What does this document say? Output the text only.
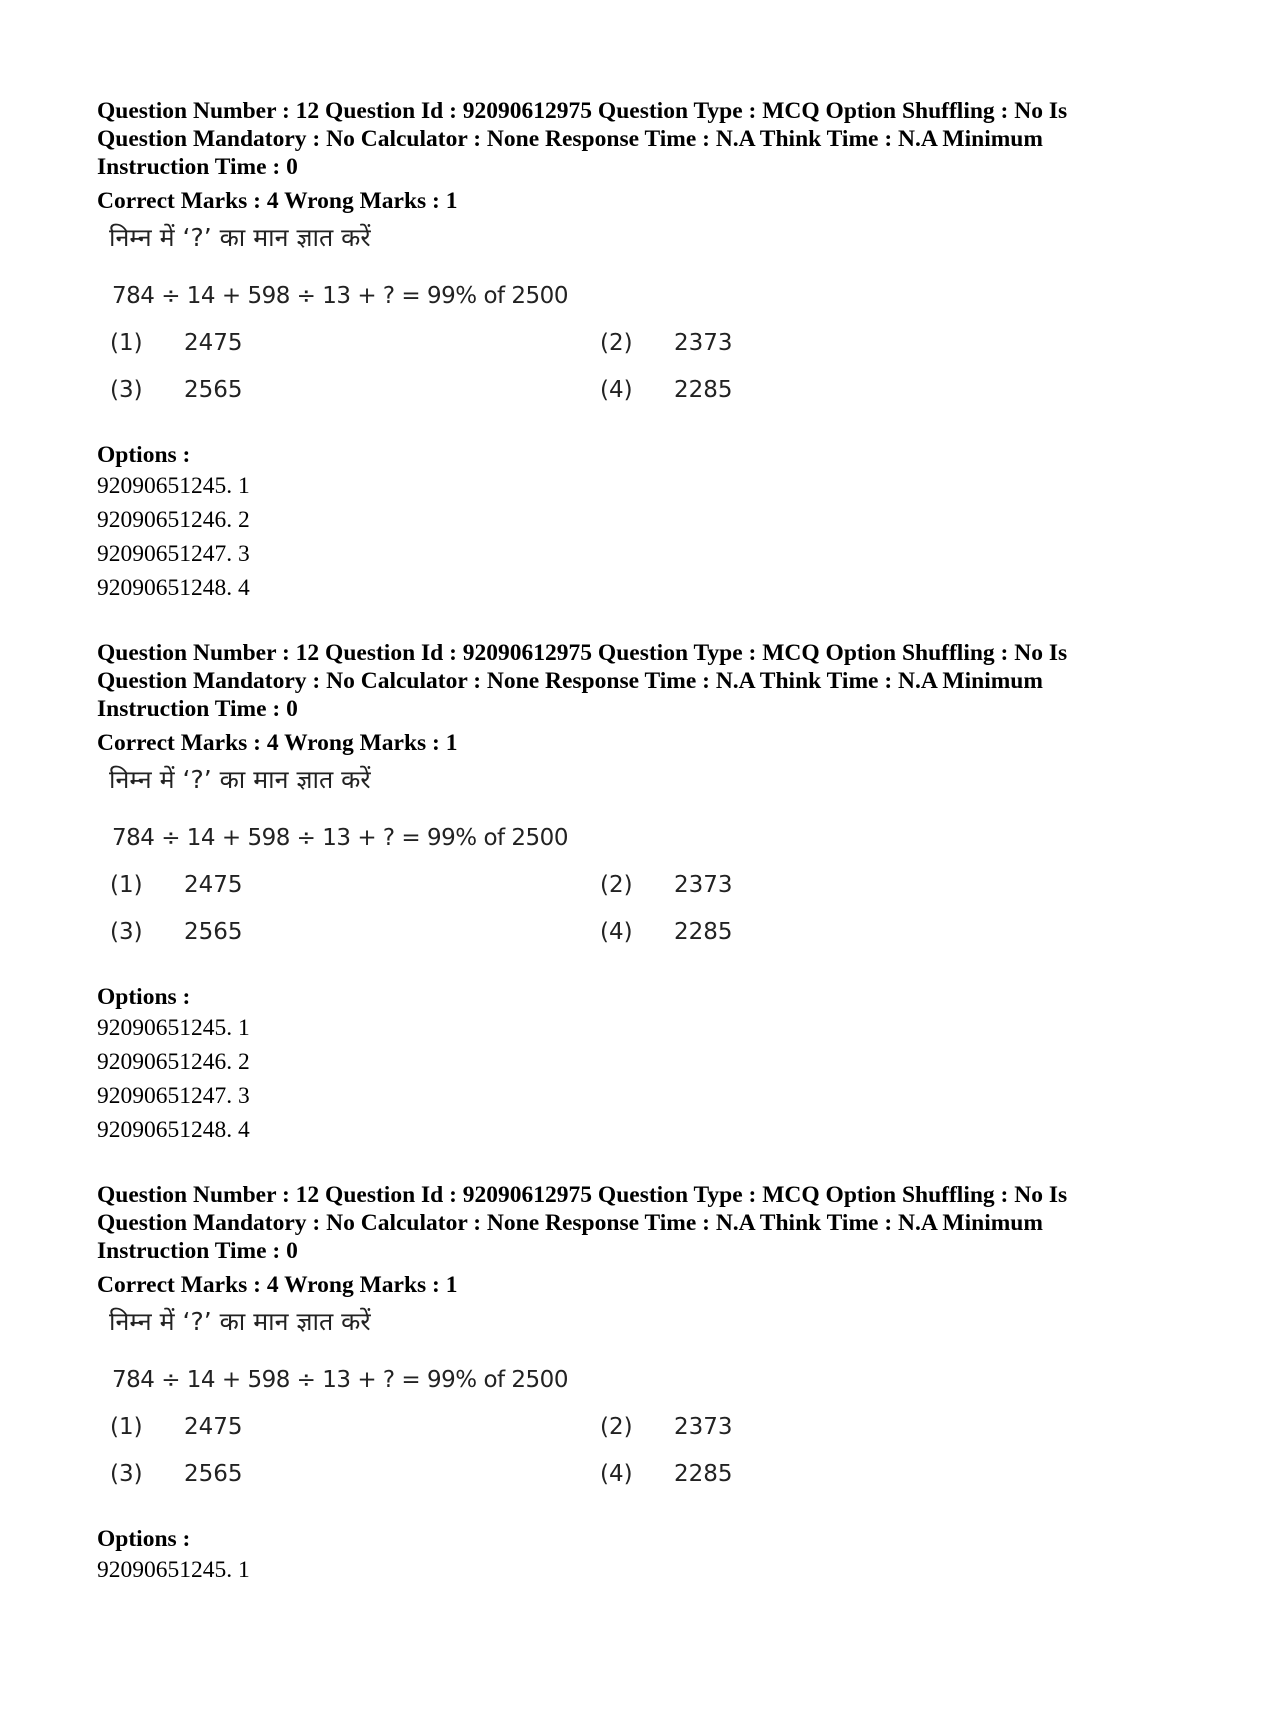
Question Number : 12 Question Id : 92090612975 Question Type : MCQ Option Shuffling : No Is Question Mandatory : No Calculator : None Response Time : N.A Think Time : N.A Minimum Instruction Time : 0

Correct Marks : 4 Wrong Marks : 1
निम्न में ‘?’ का मान ज्ञात करें
784 ÷ 14 + 598 ÷ 13 + ? = 99% of 2500
(1) 2475	(2) 2373
(3) 2565	(4) 2285
Options :
92090651245. 1
92090651246. 2
92090651247. 3
92090651248. 4

Question Number : 12 Question Id : 92090612975 Question Type : MCQ Option Shuffling : No Is Question Mandatory : No Calculator : None Response Time : N.A Think Time : N.A Minimum Instruction Time : 0

Correct Marks : 4 Wrong Marks : 1
निम्न में ‘?’ का मान ज्ञात करें
784 ÷ 14 + 598 ÷ 13 + ? = 99% of 2500
(1) 2475	(2) 2373
(3) 2565	(4) 2285
Options :
92090651245. 1
92090651246. 2
92090651247. 3
92090651248. 4

Question Number : 12 Question Id : 92090612975 Question Type : MCQ Option Shuffling : No Is Question Mandatory : No Calculator : None Response Time : N.A Think Time : N.A Minimum Instruction Time : 0

Correct Marks : 4 Wrong Marks : 1
निम्न में ‘?’ का मान ज्ञात करें
784 ÷ 14 + 598 ÷ 13 + ? = 99% of 2500
(1) 2475	(2) 2373
(3) 2565	(4) 2285
Options :
92090651245. 1
